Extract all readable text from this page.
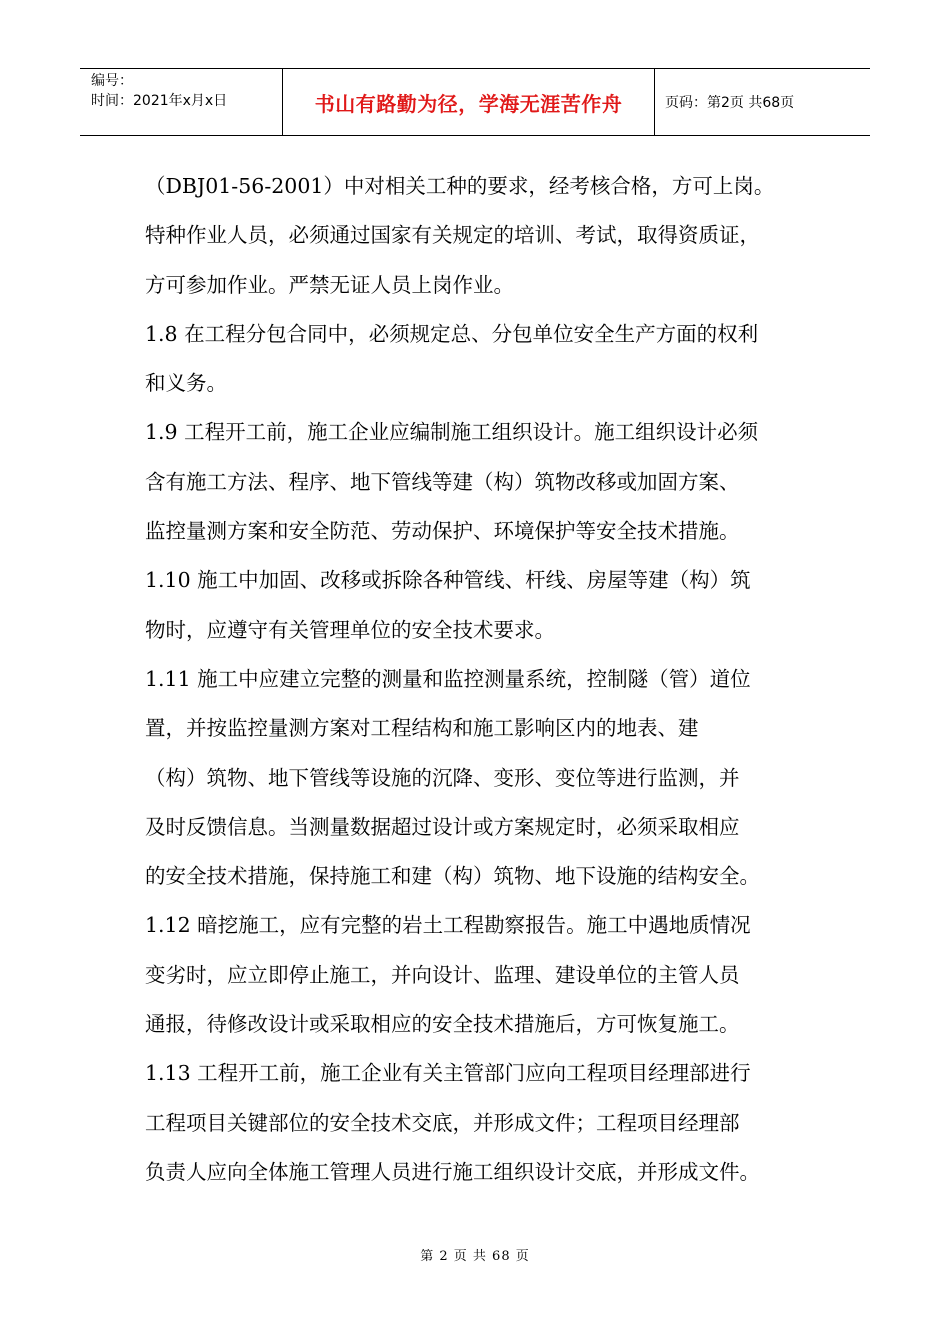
编号：
时间：2021年x月x日	书山有路勤为径，学海无涯苦作舟	页码：第2页 共68页
（DBJ01-56-2001）中对相关工种的要求，经考核合格，方可上岗。
特种作业人员，必须通过国家有关规定的培训、考试，取得资质证，
方可参加作业。严禁无证人员上岗作业。
1.8 在工程分包合同中，必须规定总、分包单位安全生产方面的权利
和义务。
1.9 工程开工前，施工企业应编制施工组织设计。施工组织设计必须
含有施工方法、程序、地下管线等建（构）筑物改移或加固方案、
监控量测方案和安全防范、劳动保护、环境保护等安全技术措施。
1.10 施工中加固、改移或拆除各种管线、杆线、房屋等建（构）筑
物时，应遵守有关管理单位的安全技术要求。
1.11 施工中应建立完整的测量和监控测量系统，控制隧（管）道位
置，并按监控量测方案对工程结构和施工影响区内的地表、建
（构）筑物、地下管线等设施的沉降、变形、变位等进行监测，并
及时反馈信息。当测量数据超过设计或方案规定时，必须采取相应
的安全技术措施，保持施工和建（构）筑物、地下设施的结构安全。
1.12 暗挖施工，应有完整的岩土工程勘察报告。施工中遇地质情况
变劣时，应立即停止施工，并向设计、监理、建设单位的主管人员
通报，待修改设计或采取相应的安全技术措施后，方可恢复施工。
1.13 工程开工前，施工企业有关主管部门应向工程项目经理部进行
工程项目关键部位的安全技术交底，并形成文件；工程项目经理部
负责人应向全体施工管理人员进行施工组织设计交底，并形成文件。
第 2 页 共 68 页
